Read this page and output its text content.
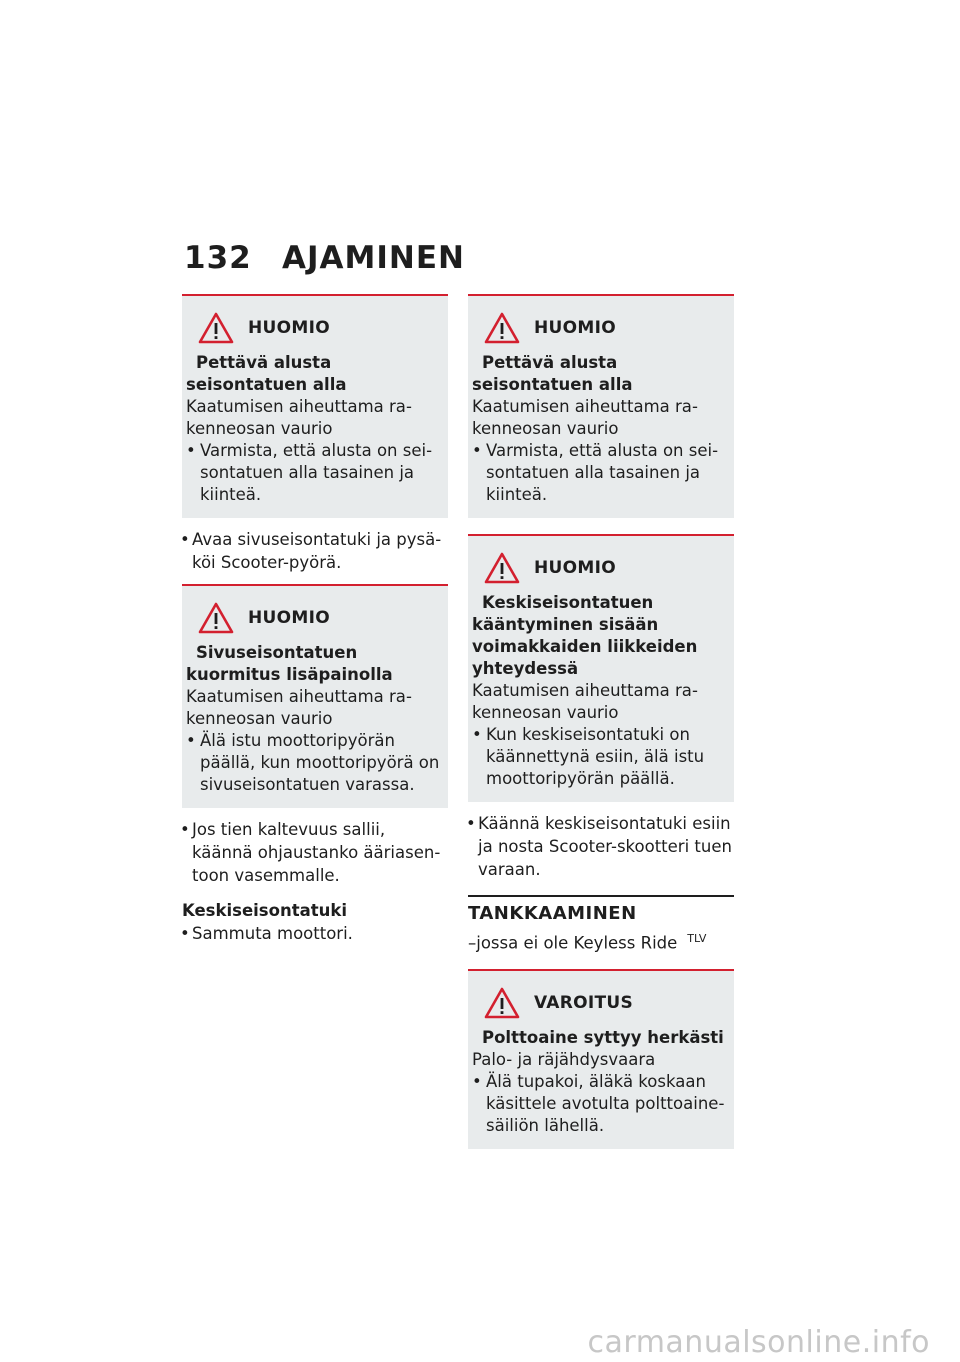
132 AJAMINEN
HUOMIO
Pettävä alusta seisontatuen alla
Kaatumisen aiheuttama rakenneosan vaurio
• Varmista, että alusta on seisontatuen alla tasainen ja kiinteä.
• Avaa sivuseisontatuki ja pysäköi Scooter-pyörä.
HUOMIO
Sivuseisontatuen kuormitus lisäpainolla
Kaatumisen aiheuttama rakenneosan vaurio
• Älä istu moottoripyörän päällä, kun moottoripyörä on sivuseisontatuen varassa.
• Jos tien kaltevuus sallii, käännä ohjaustanko ääriasentoon vasemmalle.
Keskiseisontatuki
• Sammuta moottori.
HUOMIO
Pettävä alusta seisontatuen alla
Kaatumisen aiheuttama rakenneosan vaurio
• Varmista, että alusta on seisontatuen alla tasainen ja kiinteä.
HUOMIO
Keskiseisontatuen kääntyminen sisään voimakkaiden liikkeiden yhteydessä
Kaatumisen aiheuttama rakenneosan vaurio
• Kun keskiseisontatuki on käännettynä esiin, älä istu moottoripyörän päällä.
• Käännä keskiseisontatuki esiin ja nosta Scooter-skootteri tuen varaan.
TANKKAAMINEN
–jossa ei ole Keyless Ride $^{TLV}$
VAROITUS
Polttoaine syttyy herkästi
Palo- ja räjähdysvaara
• Älä tupakoi, äläkä koskaan käsittele avotulta polttoainesäiliön lähellä.
carmanualsonline.info
